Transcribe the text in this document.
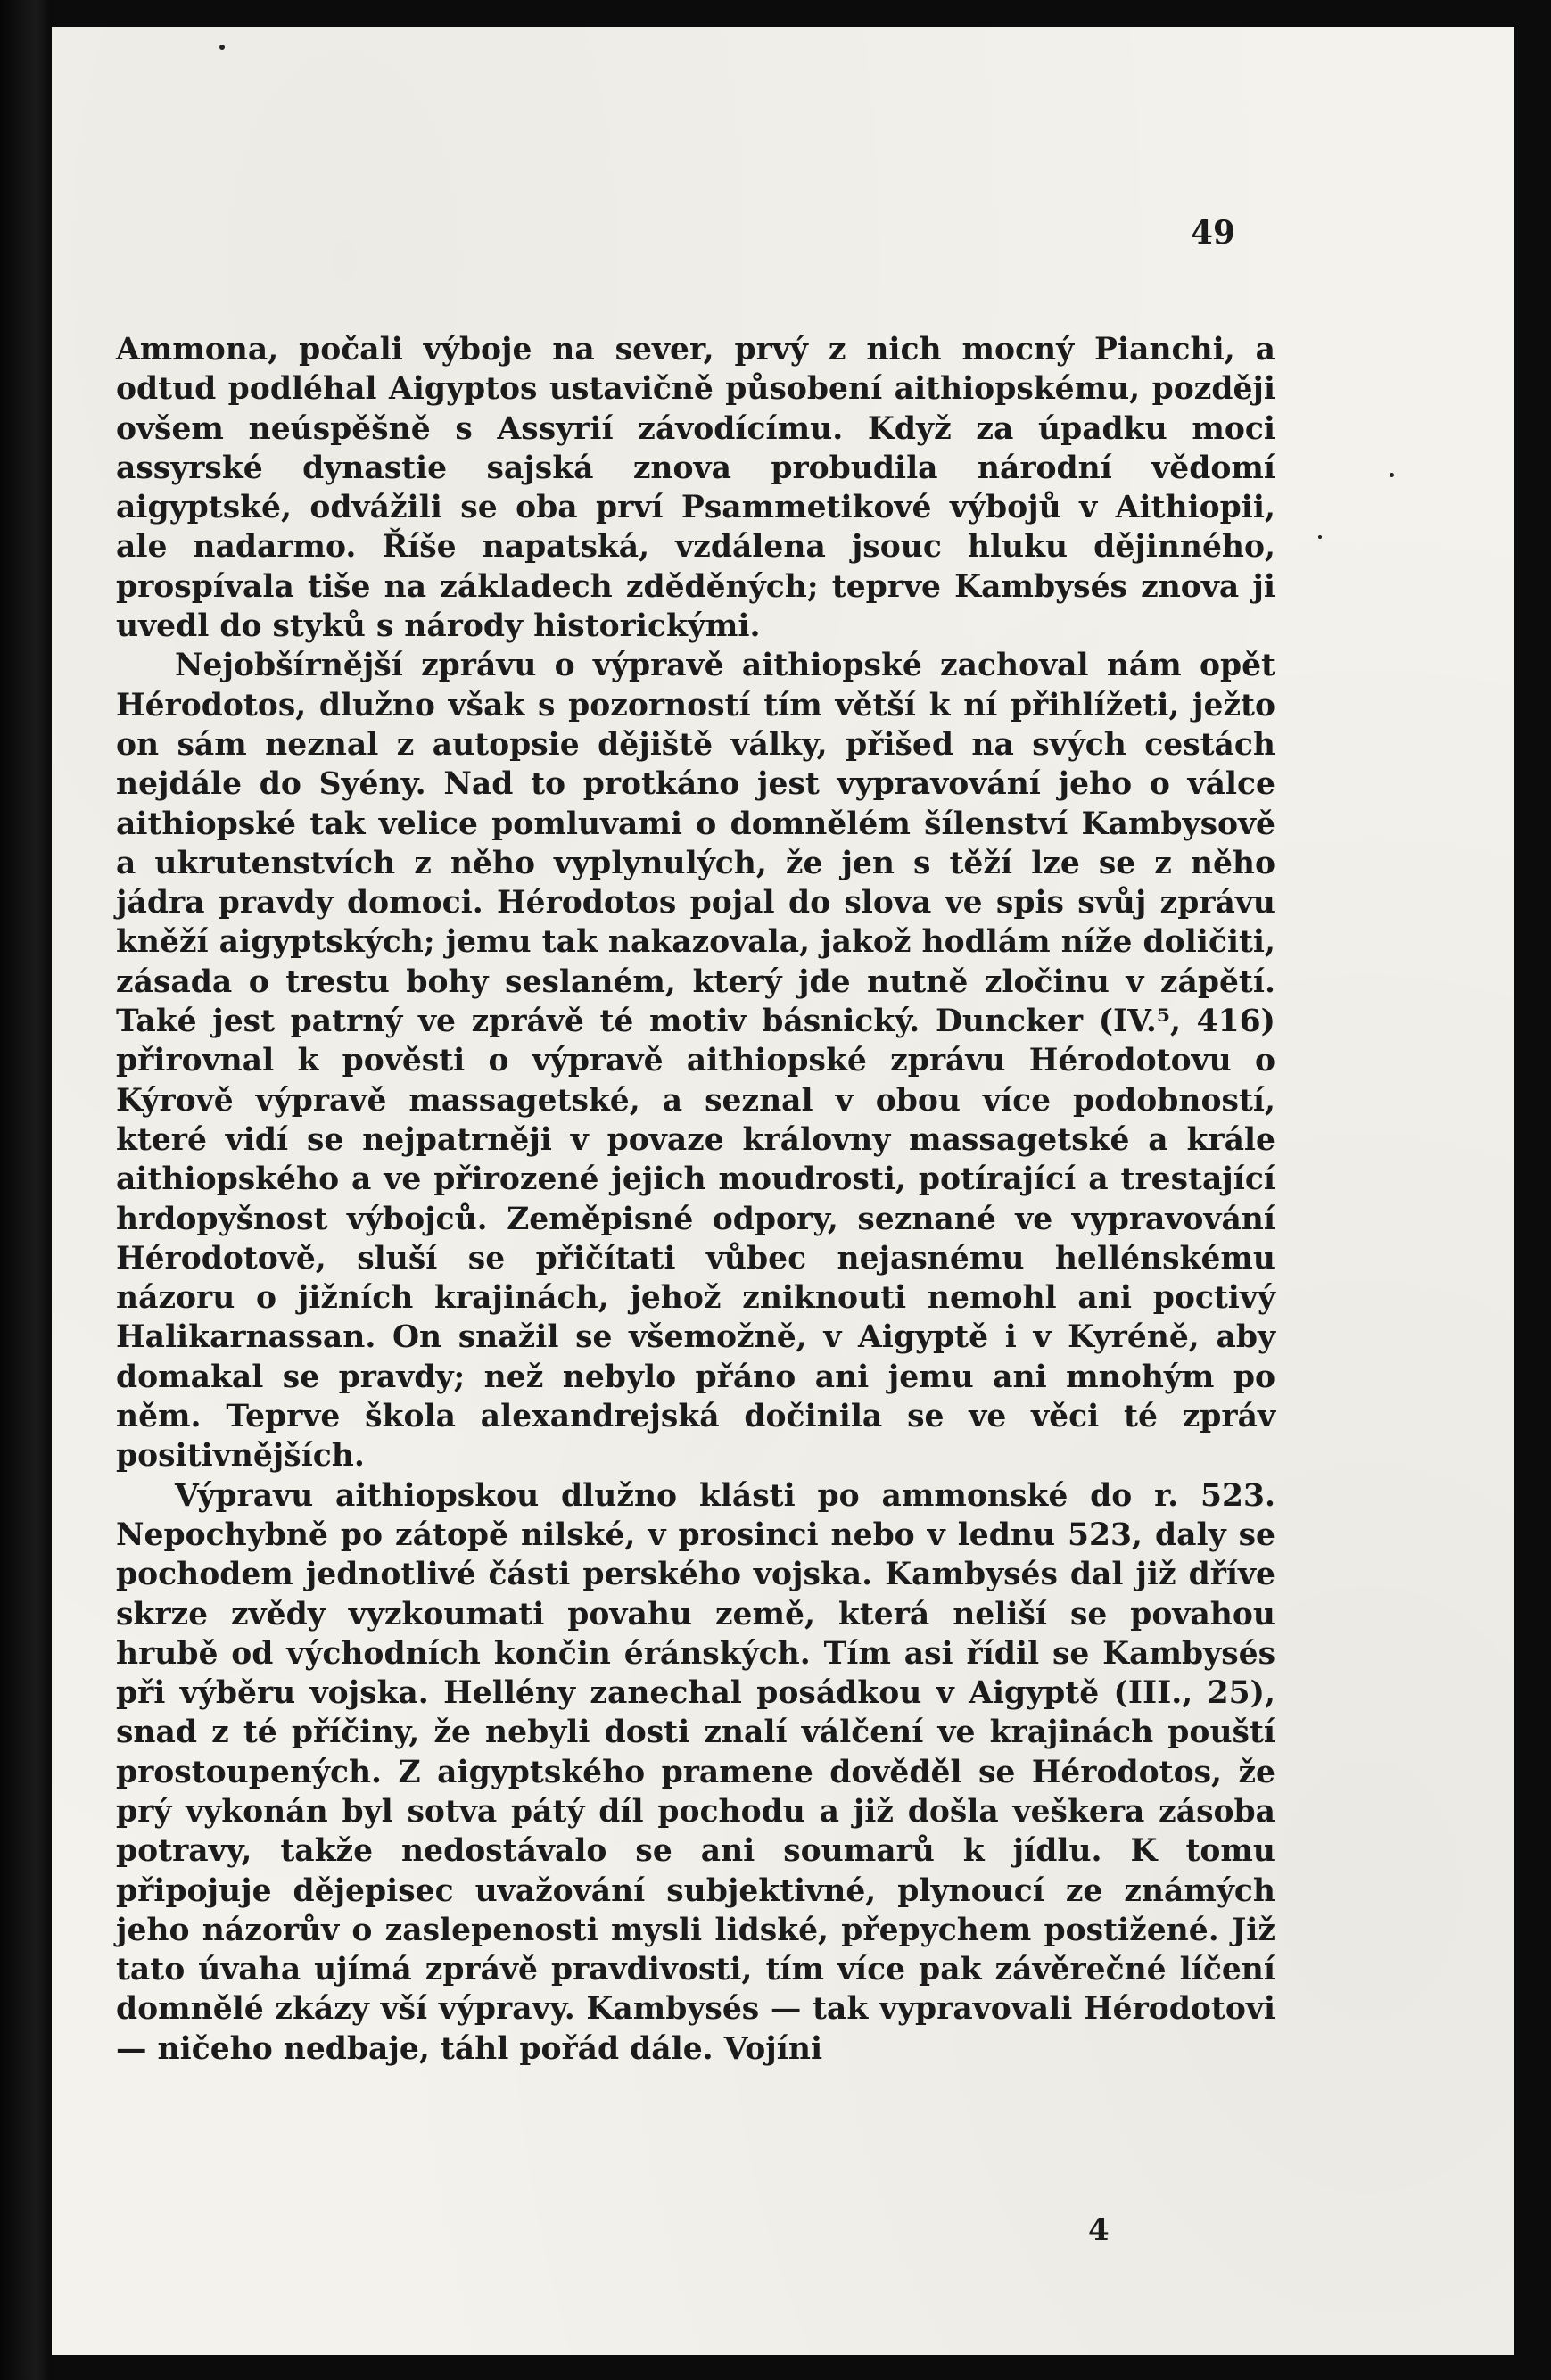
49

Ammona, počali výboje na sever, prvý z nich mocný Pianchi, a odtud podléhal Aigyptos ustavičně působení aithiopskému, později ovšem neúspěšně s Assyrií závodícímu. Když za úpadku moci assyrské dynastie sajská znova probudila národní vědomí aigyptské, odvážili se oba prví Psammetikové výbojů v Aithiopii, ale nadarmo. Říše napatská, vzdálena jsouc hluku dějinného, prospívala tiše na základech zděděných; teprve Kambysés znova ji uvedl do styků s národy historickými.

Nejobšírnější zprávu o výpravě aithiopské zachoval nám opět Hérodotos, dlužno však s pozorností tím větší k ní přihlížeti, ježto on sám neznal z autopsie dějiště války, přišed na svých cestách nejdále do Syény. Nad to protkáno jest vypravování jeho o válce aithiopské tak velice pomluvami o domnělém šílenství Kambysově a ukrutenstvích z něho vyplynulých, že jen s těží lze se z něho jádra pravdy domoci. Hérodotos pojal do slova ve spis svůj zprávu kněží aigyptských; jemu tak nakazovala, jakož hodlám níže doličiti, zásada o trestu bohy seslaném, který jde nutně zločinu v zápětí. Také jest patrný ve zprávě té motiv básnický. Duncker (IV.⁵, 416) přirovnal k pověsti o výpravě aithiopské zprávu Hérodotovu o Kýrově výpravě massagetské, a seznal v obou více podobností, které vidí se nejpatrněji v povaze královny massagetské a krále aithiopského a ve přirozené jejich moudrosti, potírající a trestající hrdopyšnost výbojců. Zeměpisné odpory, seznané ve vypravování Hérodotově, sluší se přičítati vůbec nejasnému hellénskému názoru o jižních krajinách, jehož zniknouti nemohl ani poctivý Halikarnassan. On snažil se všemožně, v Aigyptě i v Kyréně, aby domakal se pravdy; než nebylo přáno ani jemu ani mnohým po něm. Teprve škola alexandrejská dočinila se ve věci té zpráv positivnějších.

Výpravu aithiopskou dlužno klásti po ammonské do r. 523. Nepochybně po zátopě nilské, v prosinci nebo v lednu 523, daly se pochodem jednotlivé části perského vojska. Kambysés dal již dříve skrze zvědy vyzkoumati povahu země, která neliší se povahou hrubě od východních končin éránských. Tím asi řídil se Kambysés při výběru vojska. Hellény zanechal posádkou v Aigyptě (III., 25), snad z té příčiny, že nebyli dosti znalí válčení ve krajinách pouští prostoupených. Z aigyptského pramene dověděl se Hérodotos, že prý vykonán byl sotva pátý díl pochodu a již došla veškera zásoba potravy, takže nedostávalo se ani soumarů k jídlu. K tomu připojuje dějepisec uvažování subjektivné, plynoucí ze známých jeho názorův o zaslepenosti mysli lidské, přepychem postižené. Již tato úvaha ujímá zprávě pravdivosti, tím více pak závěrečné líčení domnělé zkázy vší výpravy. Kambysés — tak vypravovali Hérodotovi — ničeho nedbaje, táhl pořád dále. Vojíni

4
